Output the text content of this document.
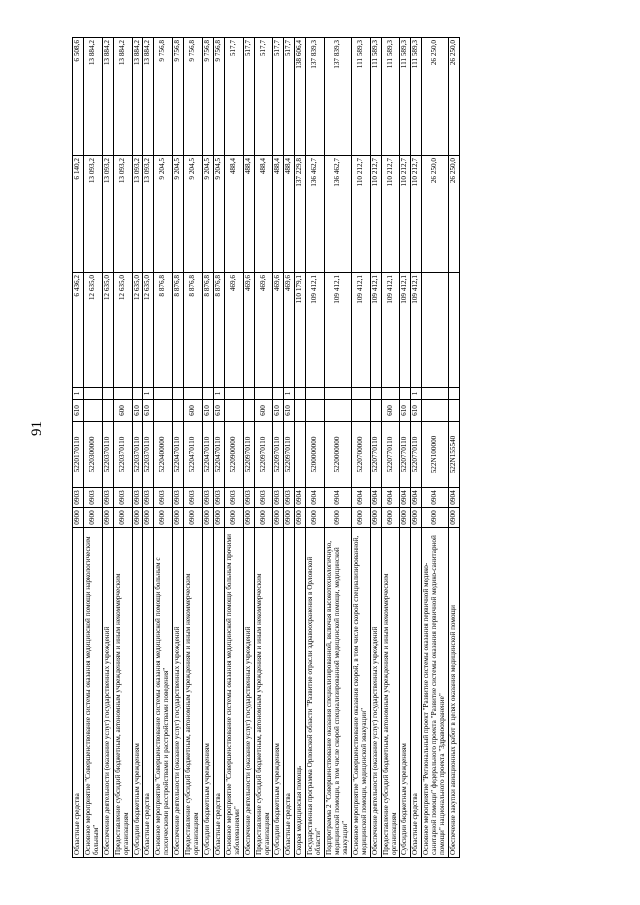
91
Областные средства	0900	0903	5220170110	610	1	6 436,2	6 140,2	6 508,6
Основное мероприятие "Совершенствование системы оказания медицинской помощи наркологическим больным"	0900	0903	5220300000			12 635,0	13 093,2	13 884,2
Обеспечение деятельности (оказание услуг) государственных учреждений	0900	0903	5220370110			12 635,0	13 093,2	13 884,2
Предоставление субсидий бюджетным, автономным учреждениям и иным некоммерческим организациям	0900	0903	5220370110	600		12 635,0	13 093,2	13 884,2
Субсидии бюджетным учреждениям	0900	0903	5220370110	610		12 635,0	13 093,2	13 884,2
Областные средства	0900	0903	5220370110	610	1	12 635,0	13 093,2	13 884,2
Основное мероприятие "Совершенствование системы оказания медицинской помощи больным с психическими расстройствами и расстройствами поведения"	0900	0903	5220400000			8 876,8	9 204,5	9 756,8
Обеспечение деятельности (оказание услуг) государственных учреждений	0900	0903	5220470110			8 876,8	9 204,5	9 756,8
Предоставление субсидий бюджетным, автономным учреждениям и иным некоммерческим организациям	0900	0903	5220470110	600		8 876,8	9 204,5	9 756,8
Субсидии бюджетным учреждениям	0900	0903	5220470110	610		8 876,8	9 204,5	9 756,8
Областные средства	0900	0903	5220470110	610	1	8 876,8	9 204,5	9 756,8
Основное мероприятие "Совершенствование системы оказания медицинской помощи больным прочими заболеваниями"	0900	0903	5220900000			469,6	488,4	517,7
Обеспечение деятельности (оказание услуг) государственных учреждений	0900	0903	5220970110			469,6	488,4	517,7
Предоставление субсидий бюджетным, автономным учреждениям и иным некоммерческим организациям	0900	0903	5220970110	600		469,6	488,4	517,7
Субсидии бюджетным учреждениям	0900	0903	5220970110	610		469,6	488,4	517,7
Областные средства	0900	0903	5220970110	610	1	469,6	488,4	517,7
Скорая медицинская помощь	0900	0904				110 179,1	137 229,8	138 606,4
Государственная программа Орловской области "Развитие отрасли здравоохранения в Орловской области"	0900	0904	5200000000			109 412,1	136 462,7	137 839,3
Подпрограмма 2 "Совершенствование оказания специализированной, включая высокотехнологичную, медицинской помощи, в том числе скорой специализированной медицинской помощи, медицинской эвакуации"	0900	0904	5220000000			109 412,1	136 462,7	137 839,3
Основное мероприятие "Совершенствование оказания скорой, в том числе скорой специализированной, медицинской помощи, медицинской эвакуации"	0900	0904	5220700000			109 412,1	110 212,7	111 589,3
Обеспечение деятельности (оказание услуг) государственных учреждений	0900	0904	5220770110			109 412,1	110 212,7	111 589,3
Предоставление субсидий бюджетным, автономным учреждениям и иным некоммерческим организациям	0900	0904	5220770110	600		109 412,1	110 212,7	111 589,3
Субсидии бюджетным учреждениям	0900	0904	5220770110	610		109 412,1	110 212,7	111 589,3
Областные средства	0900	0904	5220770110	610	1	109 412,1	110 212,7	111 589,3
Основное мероприятие "Региональный проект "Развитие системы оказания первичной медико-санитарной помощи" федерального проекта "Развитие системы оказания первичной медико-санитарной помощи" национального проекта "Здравоохранение"	0900	0904	522N100000				26 250,0	26 250,0
Обеспечение закупки авиационных работ в целях оказания медицинской помощи	0900	0904	522N155540				26 250,0	26 250,0
